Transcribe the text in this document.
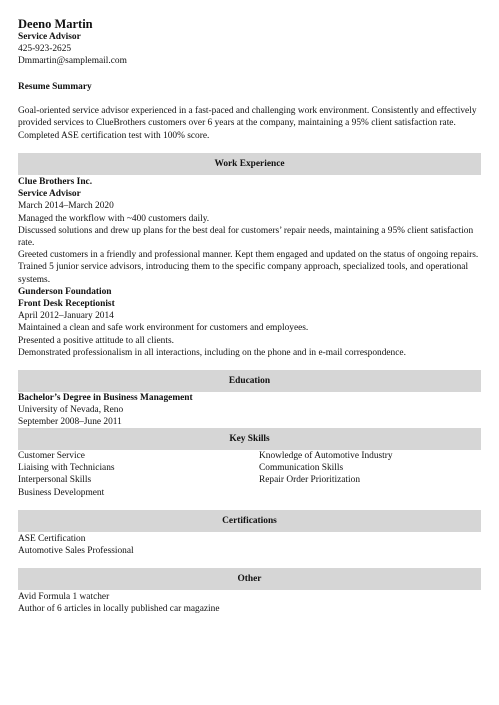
Deeno Martin
Service Advisor
425-923-2625
Dmmartin@samplemail.com
Resume Summary
Goal-oriented service advisor experienced in a fast-paced and challenging work environment. Consistently and effectively
provided services to ClueBrothers customers over 6 years at the company, maintaining a 95% client satisfaction rate.
Completed ASE certification test with 100% score.
Work Experience
Clue Brothers Inc.
Service Advisor
March 2014–March 2020
Managed the workflow with ~400 customers daily.
Discussed solutions and drew up plans for the best deal for customers’ repair needs, maintaining a 95% client satisfaction
rate.
Greeted customers in a friendly and professional manner. Kept them engaged and updated on the status of ongoing repairs.
Trained 5 junior service advisors, introducing them to the specific company approach, specialized tools, and operational
systems.
Gunderson Foundation
Front Desk Receptionist
April 2012–January 2014
Maintained a clean and safe work environment for customers and employees.
Presented a positive attitude to all clients.
Demonstrated professionalism in all interactions, including on the phone and in e-mail correspondence.
Education
Bachelor’s Degree in Business Management
University of Nevada, Reno
September 2008–June 2011
Key Skills
Customer Service
Liaising with Technicians
Interpersonal Skills
Business Development
Knowledge of Automotive Industry
Communication Skills
Repair Order Prioritization
Certifications
ASE Certification
Automotive Sales Professional
Other
Avid Formula 1 watcher
Author of 6 articles in locally published car magazine
